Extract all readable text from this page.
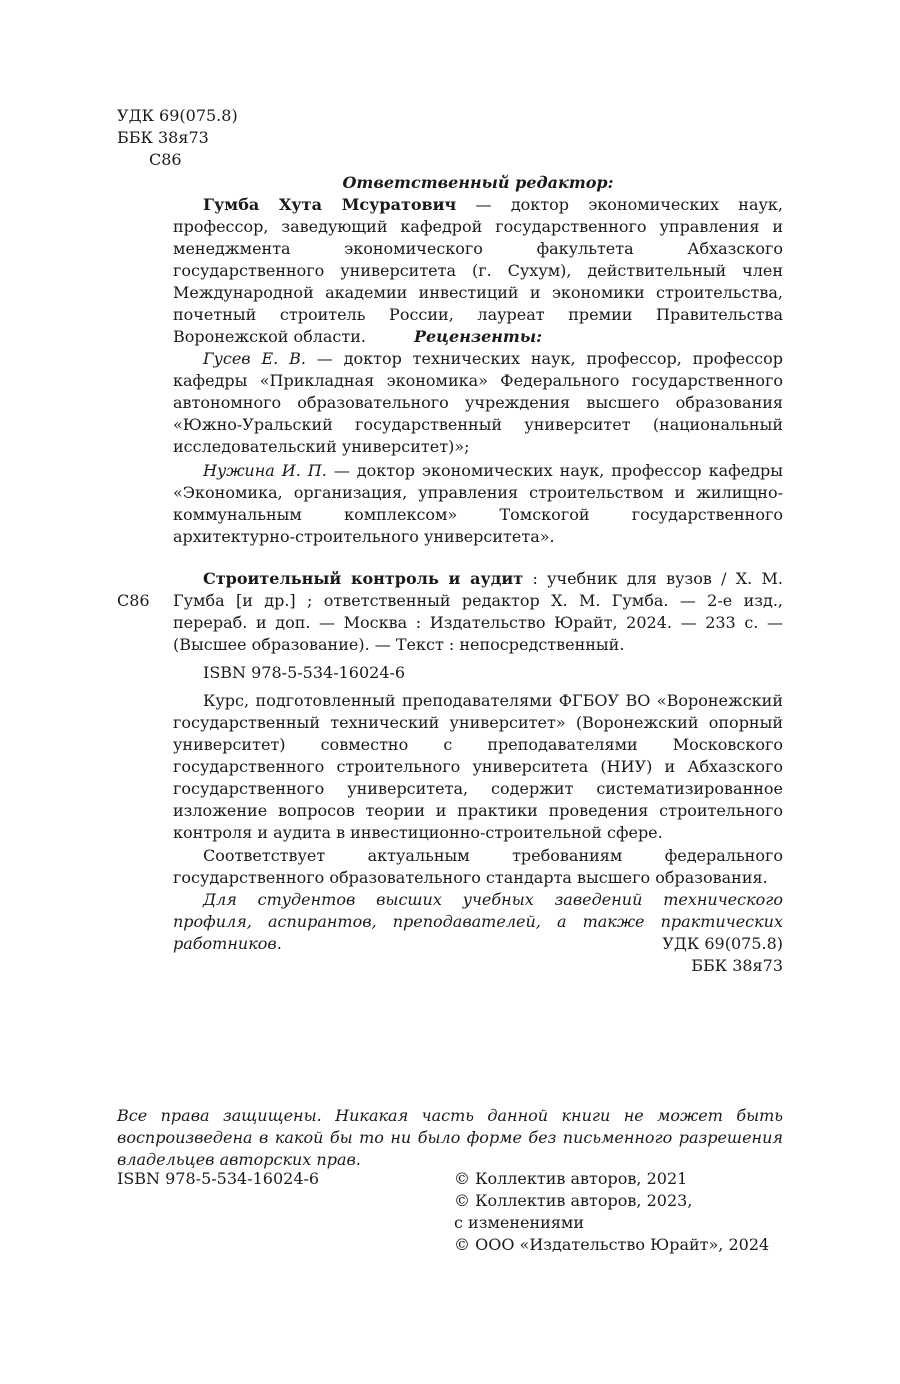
УДК 69(075.8)
ББК 38я73
С86
Ответственный редактор:
Гумба Хута Мсуратович — доктор экономических наук, профессор, заведующий кафедрой государственного управления и менеджмента экономического факультета Абхазского государственного университета (г. Сухум), действительный член Международной академии инвестиций и экономики строительства, почетный строитель России, лауреат премии Правительства Воронежской области.	Рецензенты:
Гусев Е. В. — доктор технических наук, профессор, профессор кафедры «Прикладная экономика» Федерального государственного автономного образовательного учреждения высшего образования «Южно-Уральский государственный университет (национальный исследовательский университет)»;
Нужина И. П. — доктор экономических наук, профессор кафедры «Экономика, организация, управления строительством и жилищно-коммунальным комплексом» Томскогой государственного архитектурно-строительного университета».
С86
Строительный контроль и аудит : учебник для вузов / Х. М. Гумба [и др.] ; ответственный редактор Х. М. Гумба. — 2-е изд., перераб. и доп. — Москва : Издательство Юрайт, 2024. — 233 с. — (Высшее образование). — Текст : непосредственный.
ISBN 978-5-534-16024-6
Курс, подготовленный преподавателями ФГБОУ ВО «Воронежский государственный технический университет» (Воронежский опорный университет) совместно с преподавателями Московского государственного строительного университета (НИУ) и Абхазского государственного университета, содержит систематизированное изложение вопросов теории и практики проведения строительного контроля и аудита в инвестиционно-строительной сфере.
Соответствует актуальным требованиям федерального государственного образовательного стандарта высшего образования.
Для студентов высших учебных заведений технического профиля, аспирантов, преподавателей, а также практических работников.	УДК 69(075.8)
ББК 38я73
Все права защищены. Никакая часть данной книги не может быть воспроизведена в какой бы то ни было форме без письменного разрешения владельцев авторских прав.
ISBN 978-5-534-16024-6	© Коллектив авторов, 2021
© Коллектив авторов, 2023,
с изменениями
© ООО «Издательство Юрайт», 2024
